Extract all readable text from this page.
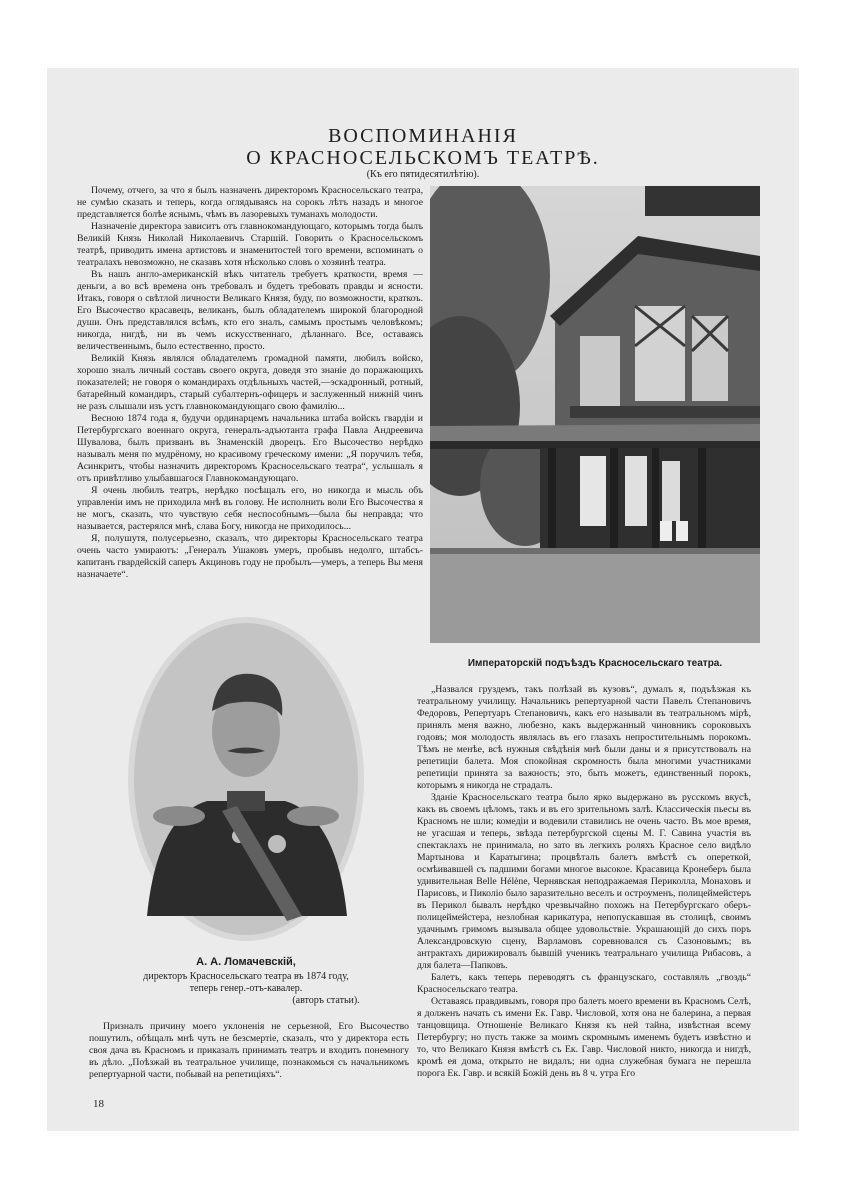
ВОСПОМИНАНІЯ
О КРАСНОСЕЛЬСКОМЪ ТЕАТРѢ.
(Къ его пятидесятилѣтію).

Почему, отчего, за что я былъ назначенъ директоромъ Красносельскаго театра, не сумѣю сказать и теперь, когда оглядываясь на сорокъ лѣтъ назадъ и многое представляется болѣе яснымъ, чѣмъ въ лазоревыхъ туманахъ молодости.

Назначеніе директора зависитъ отъ главнокомандующаго, которымъ тогда былъ Великій Князь Николай Николаевичъ Старшій. Говорить о Красносельскомъ театрѣ, приводить имена артистовъ и знаменитостей того времени, вспоминать о театралахъ невозможно, не сказавъ хотя нѣсколько словъ о хозяинѣ театра.

Въ нашъ англо-американскій вѣкъ читатель требуетъ краткости, время — деньги, а во всѣ времена онъ требовалъ и будетъ требовать правды и ясности. Итакъ, говоря о свѣтлой личности Великаго Князя, буду, по возможности, краткоъ. Его Высочество красавецъ, великанъ, былъ обладателемъ широкой благородной души. Онъ представлялся всѣмъ, кто его зналъ, самымъ простымъ человѣкомъ; никогда, нигдѣ, ни въ чемъ искусственнаго, дѣланнаго. Все, оставаясь величественнымъ, было естественно, просто.

Великій Князь являлся обладателемъ громадной памяти, любилъ войско, хорошо зналъ личный составъ своего округа, доведя это знаніе до поражающихъ показателей; не говоря о командирахъ отдѣльныхъ частей,—эскадронный, ротный, батарейный командиръ, старый субалтернъ-офицеръ и заслуженный нижній чинъ не разъ слышали изъ устъ главнокомандующаго свою фамилію...

Весною 1874 года я, будучи ординарцемъ начальника штаба войскъ гвардіи и Петербургскаго военнаго округа, генералъ-адъютанта графа Павла Андреевича Шувалова, былъ призванъ въ Знаменскій дворецъ. Его Высочество нерѣдко называлъ меня по мудрёному, но красивому греческому имени: „Я поручилъ тебя, Асинкритъ, чтобы назначить директоромъ Красносельскаго театра“, услышалъ я отъ привѣтливо улыбавшагося Главнокомандующаго.

Я очень любилъ театръ, нерѣдко посѣщалъ его, но никогда и мысль объ управленіи имъ не приходила мнѣ въ голову. Не исполнить воли Его Высочества я не могъ, сказать, что чувствую себя неспособнымъ—была бы неправда; что называется, растерялся мнѣ, слава Богу, никогда не приходилось...

Я, полушутя, полусерьезно, сказалъ, что директоры Красносельскаго театра очень часто умираютъ: „Генералъ Ушаковъ умеръ, пробывъ недолго, штабсъ-капитанъ гвардейскій саперъ Акциновъ году не пробылъ—умеръ, а теперь Вы меня назначаете“.

Императорскій подъѣздъ Красносельскаго театра.
А. А. Ломачевскій,
директоръ Красносельскаго театра въ 1874 году,
теперь генер.-отъ-кавалер.
(авторъ статьи).

Призналъ причину моего уклоненія не серьезной, Его Высочество пошутилъ, обѣщалъ мнѣ чуть не безсмертіе, сказалъ, что у директора есть своя дача въ Красномъ и приказалъ принимать театръ и входить понемногу въ дѣло. „Поѣзжай въ театральное училище, познакомься съ начальникомъ репертуарной части, побывай на репетиціяхъ“.

„Назвался груздемъ, такъ полѣзай въ кузовъ“, думалъ я, подъѣзжая къ театральному училищу. Начальникъ репертуарной части Павелъ Степановичъ Федоровъ, Репертуаръ Степановичъ, какъ его называли въ театральномъ мірѣ, принялъ меня важно, любезно, какъ выдержанный чиновникъ сороковыхъ годовъ; моя молодость являлась въ его глазахъ непростительнымъ порокомъ. Тѣмъ не менѣе, всѣ нужныя свѣдѣнія мнѣ были даны и я присутствовалъ на репетиціи балета. Моя спокойная скромность была многими участниками репетиціи принята за важность; это, быть можетъ, единственный порокъ, которымъ я никогда не страдалъ.

Зданіе Красносельскаго театра было ярко выдержано въ русскомъ вкусѣ, какъ въ своемъ цѣломъ, такъ и въ его зрительномъ залѣ. Классическія пьесы въ Красномъ не шли; комедіи и водевили ставились не очень часто. Въ мое время, не угасшая и теперь, звѣзда петербургской сцены М. Г. Савина участія въ спектаклахъ не принимала, но зато въ легкихъ роляхъ Красное село видѣло Мартынова и Каратыгина; процвѣталъ балетъ вмѣстѣ съ опереткой, осмѣивавшей съ падшими богами многое высокое. Красавица Кронеберъ была удивительная Belle Hélène, Чернявская неподражаемая Периколла, Монаховъ и Парисовъ, и Пиколіо было заразительно веселъ и остроуменъ, полицеймейстеръ въ Перикол бывалъ нерѣдко чрезвычайно похожъ на Петербургскаго оберъ-полицеймейстера, незлобная карикатура, непопускавшая въ столицѣ, своимъ удачнымъ гримомъ вызывала общее удовольствіе. Украшающій до сихъ поръ Александровскую сцену, Варламовъ соревновался съ Сазоновымъ; въ антрактахъ дирижировалъ бывшій ученикъ театральнаго училища Рибасовъ, а для балета—Папковъ.

Балетъ, какъ теперь переводятъ съ французскаго, составлялъ „гвоздь“ Красносельскаго театра.

Оставаясь правдивымъ, говоря про балетъ моего времени въ Красномъ Селѣ, я долженъ начать съ имени Ек. Гавр. Числовой, хотя она не балерина, а первая танцовщица. Отношеніе Великаго Князя къ ней тайна, извѣстная всему Петербургу; но пусть также за моимъ скромнымъ именемъ будетъ извѣстно и то, что Великаго Князя вмѣстѣ съ Ек. Гавр. Числовой никто, никогда и нигдѣ, кромѣ ея дома, открыто не видалъ; ни одна служебная бумага не перешла порога Ек. Гавр. и всякій Божій день въ 8 ч. утра Его

18
